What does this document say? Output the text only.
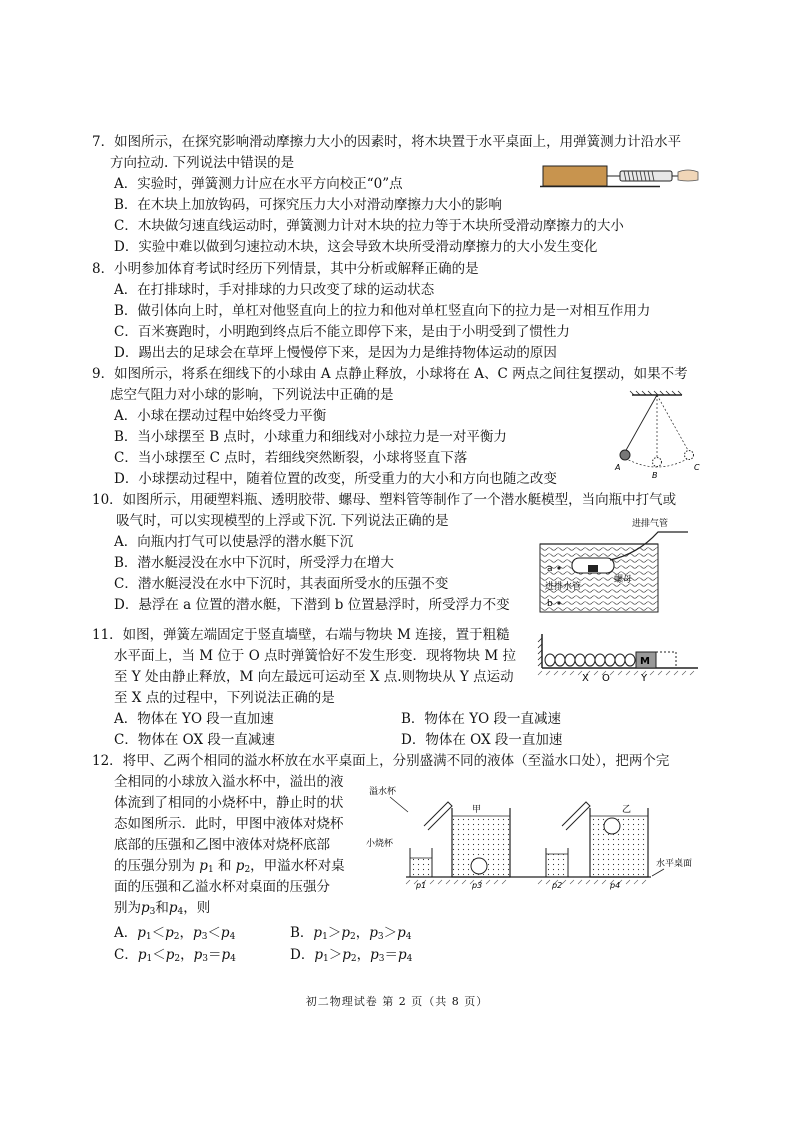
7．如图所示，在探究影响滑动摩擦力大小的因素时，将木块置于水平桌面上，用弹簧测力计沿水平
方向拉动. 下列说法中错误的是
A．实验时，弹簧测力计应在水平方向校正“0”点
B．在木块上加放钩码，可探究压力大小对滑动摩擦力大小的影响
C．木块做匀速直线运动时，弹簧测力计对木块的拉力等于木块所受滑动摩擦力的大小
D．实验中难以做到匀速拉动木块，这会导致木块所受滑动摩擦力的大小发生变化
8．小明参加体育考试时经历下列情景，其中分析或解释正确的是
A．在打排球时，手对排球的力只改变了球的运动状态
B．做引体向上时，单杠对他竖直向上的拉力和他对单杠竖直向下的拉力是一对相互作用力
C．百米赛跑时，小明跑到终点后不能立即停下来，是由于小明受到了惯性力
D．踢出去的足球会在草坪上慢慢停下来，是因为力是维持物体运动的原因
9．如图所示，将系在细线下的小球由 A 点静止释放，小球将在 A、C 两点之间往复摆动，如果不考
虑空气阻力对小球的影响，下列说法中正确的是
A．小球在摆动过程中始终受力平衡
B．当小球摆至 B 点时，小球重力和细线对小球拉力是一对平衡力
C．当小球摆至 C 点时，若细线突然断裂，小球将竖直下落
D．小球摆动过程中，随着位置的改变，所受重力的大小和方向也随之改变
A
B
C
10．如图所示，用硬塑料瓶、透明胶带、螺母、塑料管等制作了一个潜水艇模型，当向瓶中打气或
吸气时，可以实现模型的上浮或下沉. 下列说法正确的是
A．向瓶内打气可以使悬浮的潜水艇下沉
B．潜水艇浸没在水中下沉时，所受浮力在增大
C．潜水艇浸没在水中下沉时，其表面所受水的压强不变
D．悬浮在 a 位置的潜水艇，下潜到 b 位置悬浮时，所受浮力不变
进排气管
a
b
进排水管
螺母
11．如图，弹簧左端固定于竖直墙壁，右端与物块 M 连接，置于粗糙
水平面上，当 M 位于 O 点时弹簧恰好不发生形变．现将物块 M 拉
至 Y 处由静止释放，M 向左最远可运动至 X 点.则物块从 Y 点运动
至 X 点的过程中，下列说法正确的是
A．物体在 YO 段一直加速	B．物体在 YO 段一直减速
C．物体在 OX 段一直减速	D．物体在 OX 段一直加速
M
X O	Y
12．将甲、乙两个相同的溢水杯放在水平桌面上，分别盛满不同的液体（至溢水口处），把两个完
全相同的小球放入溢水杯中，溢出的液
体流到了相同的小烧杯中，静止时的状
态如图所示．此时，甲图中液体对烧杯
底部的压强和乙图中液体对烧杯底部
的压强分别为 $p_1$ 和 $p_2$，甲溢水杯对桌
面的压强和乙溢水杯对桌面的压强分
别为$p_3$和$p_4$，则
A．$p_1<p_2$，$p_3<p_4$	B．$p_1>p_2$，$p_3>p_4$
C．$p_1<p_2$，$p_3=p_4$	D．$p_1>p_2$，$p_3=p_4$
溢水杯
甲
小烧杯
p1	p3
乙
p2	p4
水平桌面
初二物理试卷 第 2 页（共 8 页）
